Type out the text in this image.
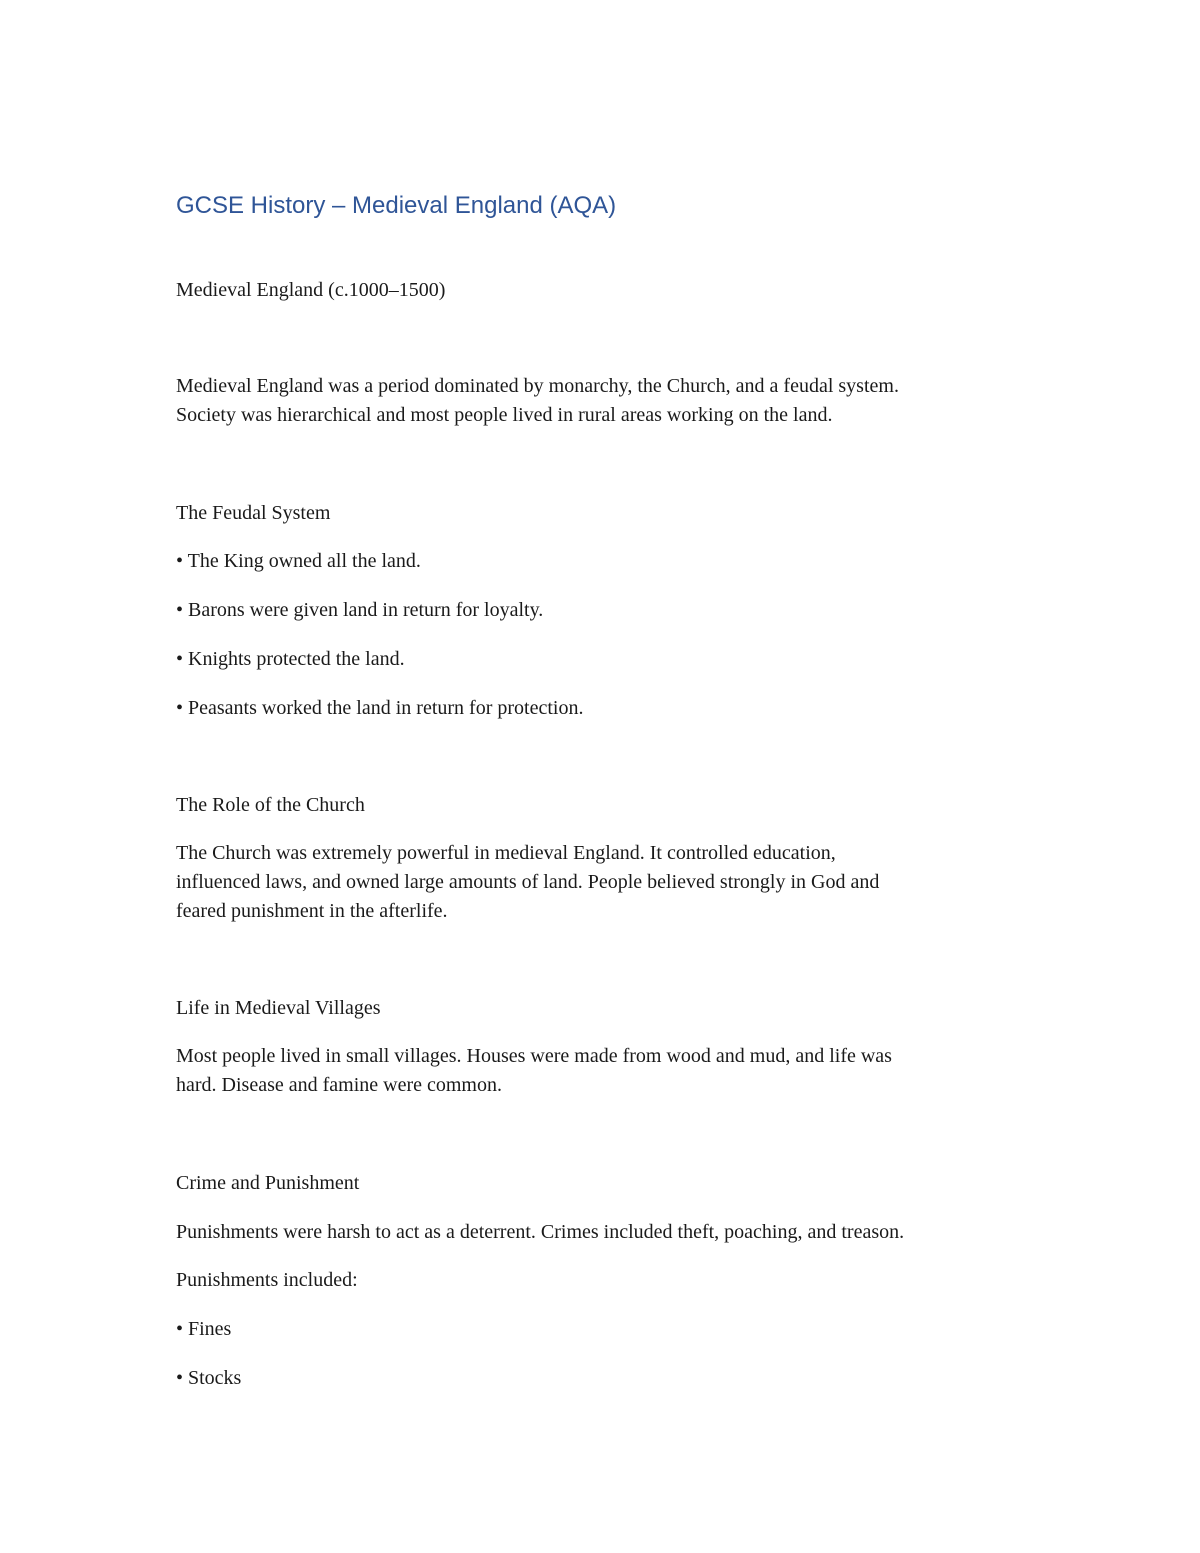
GCSE History – Medieval England (AQA)
Medieval England (c.1000–1500)
Medieval England was a period dominated by monarchy, the Church, and a feudal system.
Society was hierarchical and most people lived in rural areas working on the land.
The Feudal System
• The King owned all the land.
• Barons were given land in return for loyalty.
• Knights protected the land.
• Peasants worked the land in return for protection.
The Role of the Church
The Church was extremely powerful in medieval England. It controlled education,
influenced laws, and owned large amounts of land. People believed strongly in God and
feared punishment in the afterlife.
Life in Medieval Villages
Most people lived in small villages. Houses were made from wood and mud, and life was
hard. Disease and famine were common.
Crime and Punishment
Punishments were harsh to act as a deterrent. Crimes included theft, poaching, and treason.
Punishments included:
• Fines
• Stocks
